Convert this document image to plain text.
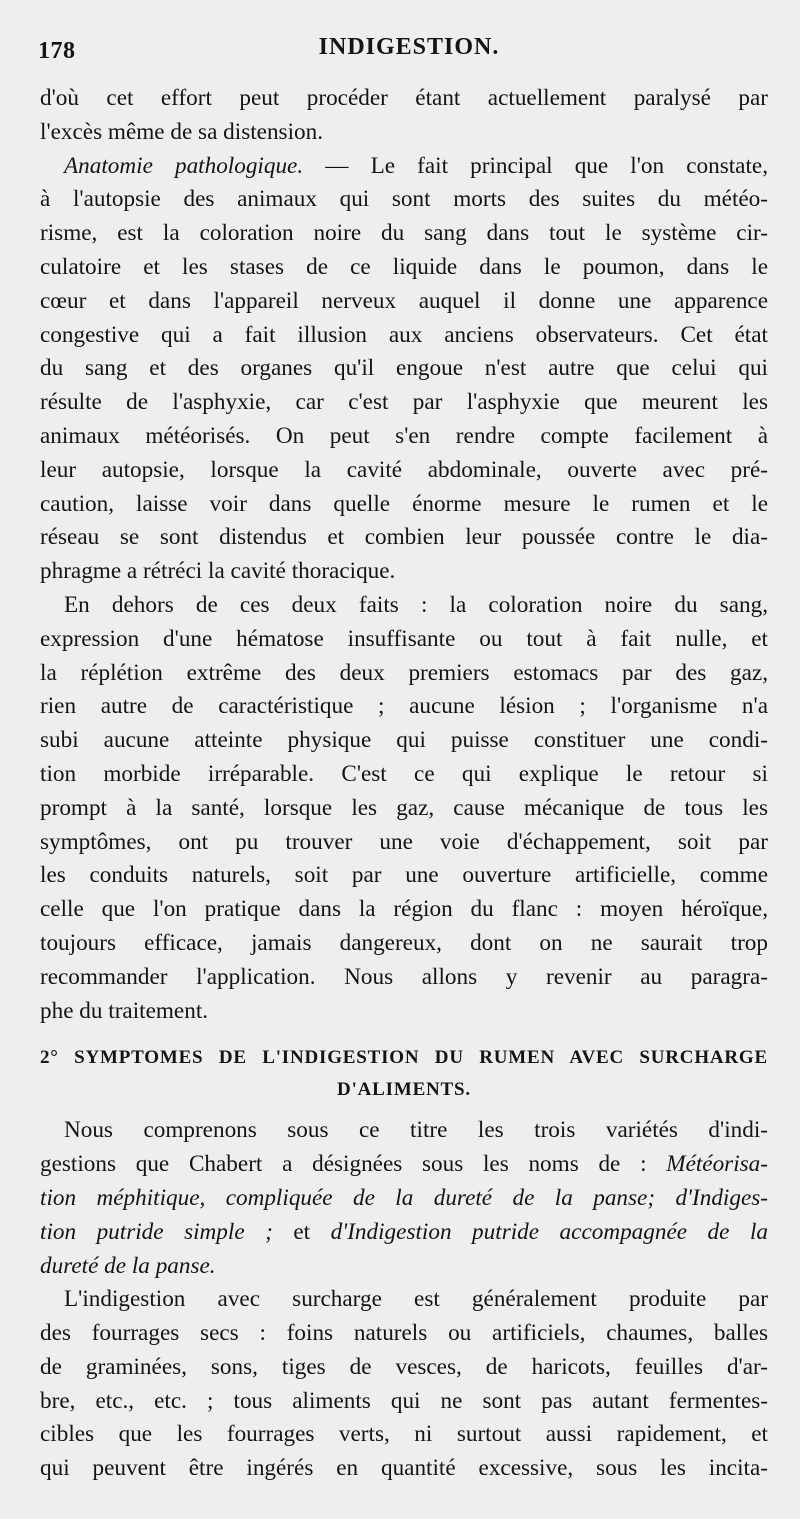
178	INDIGESTION.
d'où cet effort peut procéder étant actuellement paralysé par
l'excès même de sa distension.
Anatomie pathologique. — Le fait principal que l'on constate,
à l'autopsie des animaux qui sont morts des suites du météo-
risme, est la coloration noire du sang dans tout le système cir-
culatoire et les stases de ce liquide dans le poumon, dans le
cœur et dans l'appareil nerveux auquel il donne une apparence
congestive qui a fait illusion aux anciens observateurs. Cet état
du sang et des organes qu'il engoue n'est autre que celui qui
résulte de l'asphyxie, car c'est par l'asphyxie que meurent les
animaux météorisés. On peut s'en rendre compte facilement à
leur autopsie, lorsque la cavité abdominale, ouverte avec pré-
caution, laisse voir dans quelle énorme mesure le rumen et le
réseau se sont distendus et combien leur poussée contre le dia-
phragme a rétréci la cavité thoracique.
En dehors de ces deux faits : la coloration noire du sang,
expression d'une hématose insuffisante ou tout à fait nulle, et
la réplétion extrême des deux premiers estomacs par des gaz,
rien autre de caractéristique ; aucune lésion ; l'organisme n'a
subi aucune atteinte physique qui puisse constituer une condi-
tion morbide irréparable. C'est ce qui explique le retour si
prompt à la santé, lorsque les gaz, cause mécanique de tous les
symptômes, ont pu trouver une voie d'échappement, soit par
les conduits naturels, soit par une ouverture artificielle, comme
celle que l'on pratique dans la région du flanc : moyen héroïque,
toujours efficace, jamais dangereux, dont on ne saurait trop
recommander l'application. Nous allons y revenir au paragra-
phe du traitement.
2° SYMPTOMES DE L'INDIGESTION DU RUMEN AVEC SURCHARGE
D'ALIMENTS.
Nous comprenons sous ce titre les trois variétés d'indi-
gestions que Chabert a désignées sous les noms de : Météorisa-
tion méphitique, compliquée de la dureté de la panse; d'Indiges-
tion putride simple ; et d'Indigestion putride accompagnée de la
dureté de la panse.
L'indigestion avec surcharge est généralement produite par
des fourrages secs : foins naturels ou artificiels, chaumes, balles
de graminées, sons, tiges de vesces, de haricots, feuilles d'ar-
bre, etc., etc. ; tous aliments qui ne sont pas autant fermentes-
cibles que les fourrages verts, ni surtout aussi rapidement, et
qui peuvent être ingérés en quantité excessive, sous les incita-
